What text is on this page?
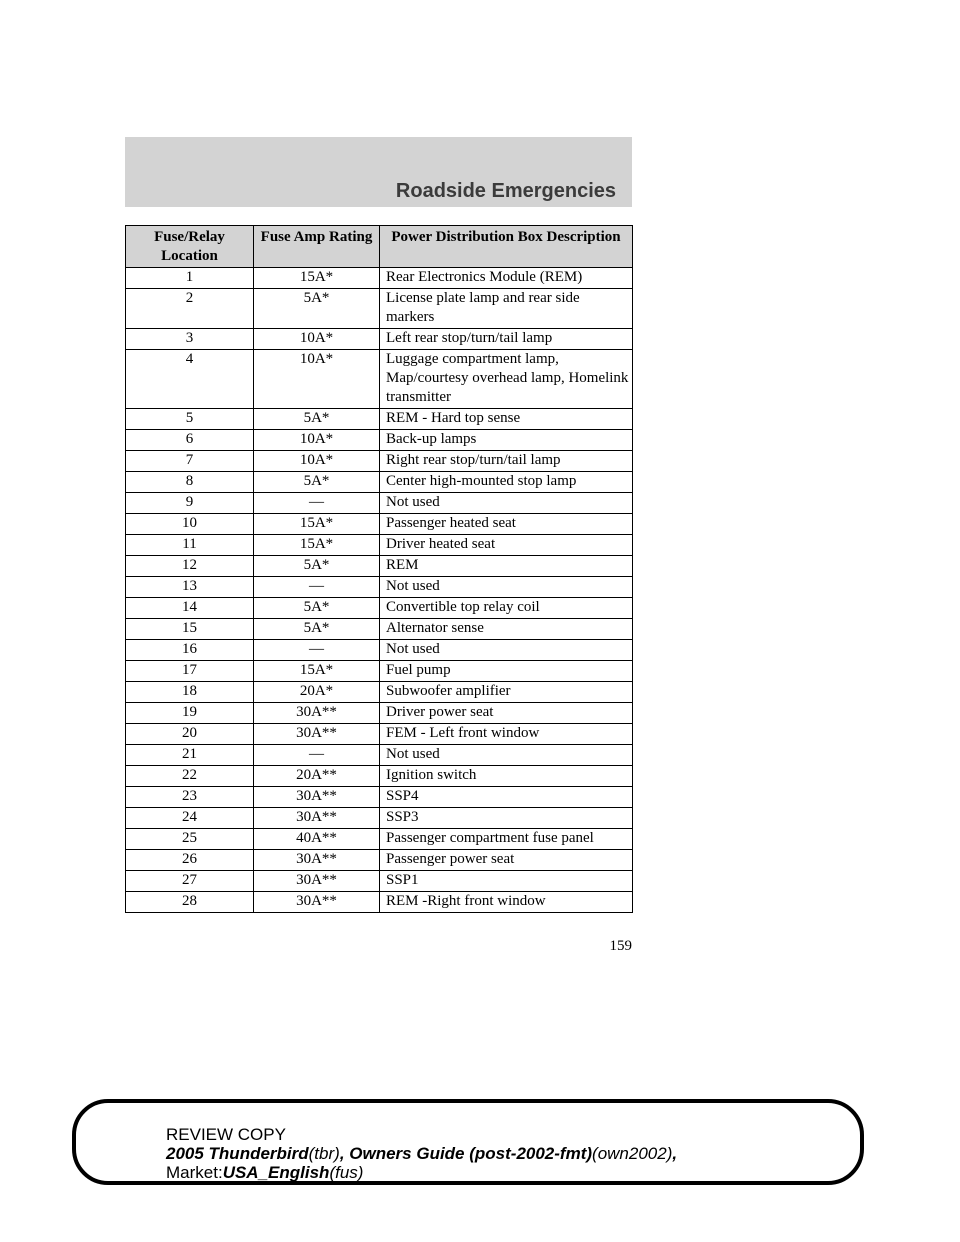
Roadside Emergencies
Fuse/Relay Location	Fuse Amp Rating	Power Distribution Box Description
1	15A*	Rear Electronics Module (REM)
2	5A*	License plate lamp and rear side markers
3	10A*	Left rear stop/turn/tail lamp
4	10A*	Luggage compartment lamp, Map/courtesy overhead lamp, Homelink transmitter
5	5A*	REM - Hard top sense
6	10A*	Back-up lamps
7	10A*	Right rear stop/turn/tail lamp
8	5A*	Center high-mounted stop lamp
9	—	Not used
10	15A*	Passenger heated seat
11	15A*	Driver heated seat
12	5A*	REM
13	—	Not used
14	5A*	Convertible top relay coil
15	5A*	Alternator sense
16	—	Not used
17	15A*	Fuel pump
18	20A*	Subwoofer amplifier
19	30A**	Driver power seat
20	30A**	FEM - Left front window
21	—	Not used
22	20A**	Ignition switch
23	30A**	SSP4
24	30A**	SSP3
25	40A**	Passenger compartment fuse panel
26	30A**	Passenger power seat
27	30A**	SSP1
28	30A**	REM -Right front window
159
REVIEW COPY
2005 Thunderbird(tbr), Owners Guide (post-2002-fmt)(own2002),
Market:USA_English(fus)
